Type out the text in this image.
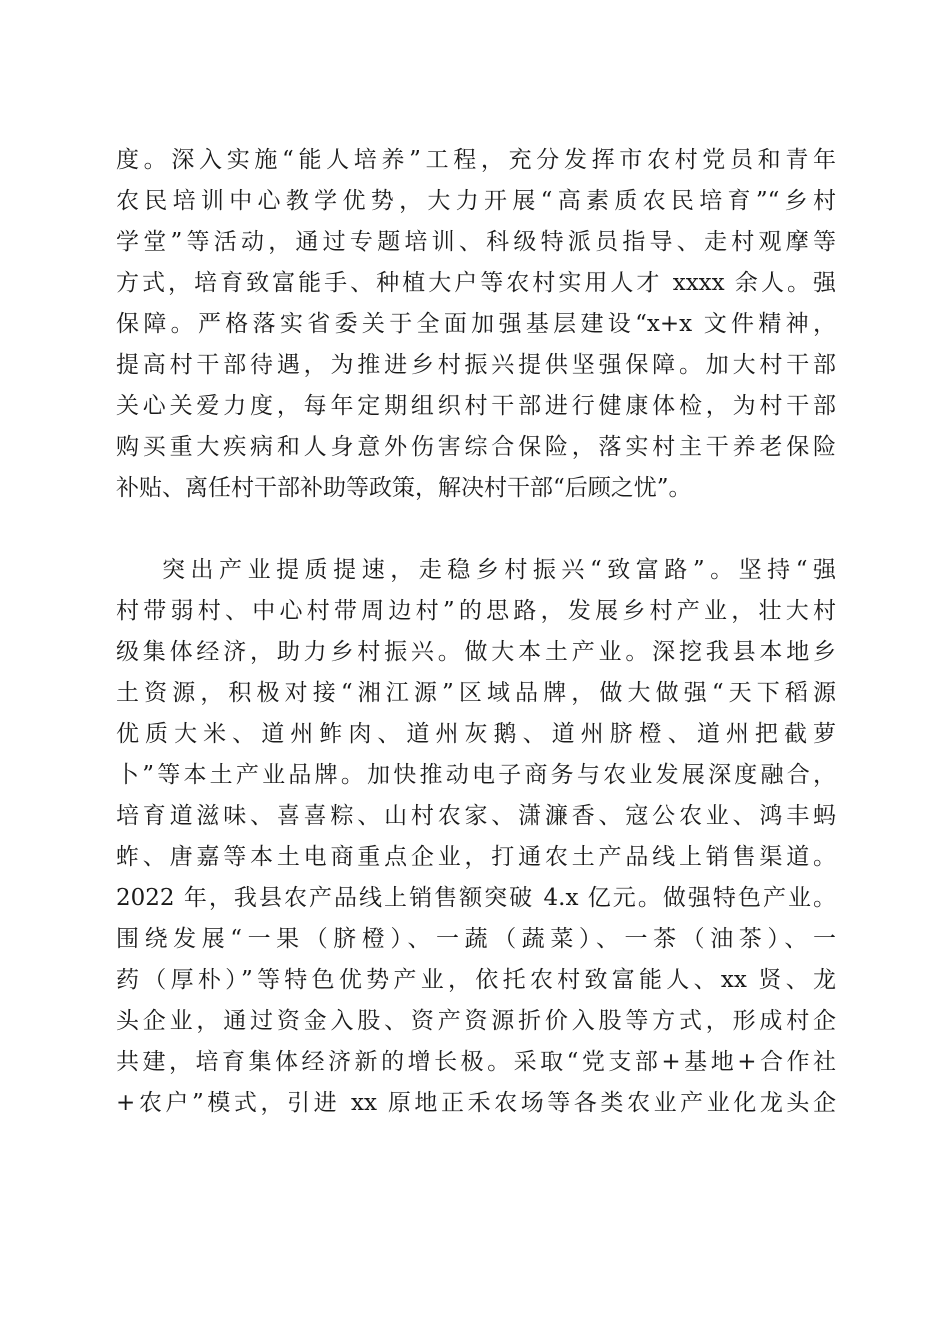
度。深入实施“能人培养”工程，充分发挥市农村党员和青年
农民培训中心教学优势，大力开展“高素质农民培育”“乡村
学堂”等活动，通过专题培训、科级特派员指导、走村观摩等
方式，培育致富能手、种植大户等农村实用人才 xxxx 余人。强
保障。严格落实省委关于全面加强基层建设“x+x 文件精神，
提高村干部待遇，为推进乡村振兴提供坚强保障。加大村干部
关心关爱力度，每年定期组织村干部进行健康体检，为村干部
购买重大疾病和人身意外伤害综合保险，落实村主干养老保险
补贴、离任村干部补助等政策，解决村干部“后顾之忧”。
突出产业提质提速，走稳乡村振兴“致富路”。坚持“强
村带弱村、中心村带周边村”的思路，发展乡村产业，壮大村
级集体经济，助力乡村振兴。做大本土产业。深挖我县本地乡
土资源，积极对接“湘江源”区域品牌，做大做强“天下稻源
优质大米、道州鲊肉、道州灰鹅、道州脐橙、道州把截萝
卜”等本土产业品牌。加快推动电子商务与农业发展深度融合，
培育道滋味、喜喜粽、山村农家、潇濂香、寇公农业、鸿丰蚂
蚱、唐嘉等本土电商重点企业，打通农土产品线上销售渠道。
2022 年，我县农产品线上销售额突破 4.x 亿元。做强特色产业。
围绕发展“一果（脐橙）、一蔬（蔬菜）、一茶（油茶）、一
药（厚朴）”等特色优势产业，依托农村致富能人、xx 贤、龙
头企业，通过资金入股、资产资源折价入股等方式，形成村企
共建，培育集体经济新的增长极。采取“党支部+基地+合作社
+农户”模式，引进 xx 原地正禾农场等各类农业产业化龙头企
